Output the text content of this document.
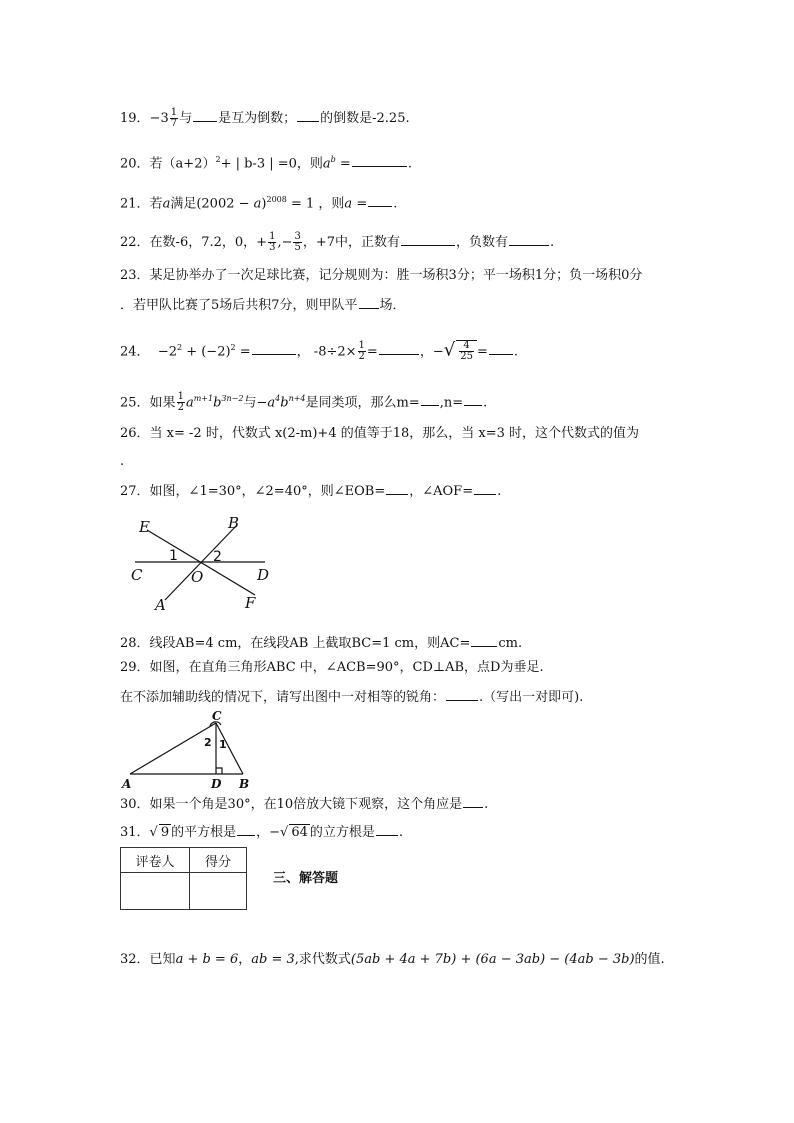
19．$-3 \frac{1}{7}$ 与 是互为倒数； 的倒数是-2.25.
20．若$(a+2)^2+$ | b-3 | =0，则$a^b$ =	.
21．若a满足$(2002 - a)^{2008} = 1$ ，则a = .
22．在数-6，7.2，0，+ $\frac{1}{3}$ ,− $\frac{3}{5}$ ，+7中，正数有	，负数有	.
23．某足协举办了一次足球比赛，记分规则为：胜一场积3分；平一场积1分；负一场积0分
．若甲队比赛了5场后共积7分，则甲队平 场．
24． $-2^2 + (-2)^2$ =	， $-8\div 2\times \frac{1}{2}$ =	，−√ $\frac{4}{25}$ = .
25．如果 $\frac{1}{2} a^{m+1}b^{3n-2}$与$-a^4b^{n+4}$是同类项，那么m= ,n= .
26．当 x= -2 时，代数式 x(2-m)+4 的值等于18，那么，当 x=3 时，这个代数式的值为
.
27．如图，∠1=30°，∠2=40°，则∠EOB= ，∠AOF= .
E	B
C	O	D
A	F
1	2
28．线段AB=4 cm，在线段AB 上截取BC=1 cm，则AC= cm.
29．如图，在直角三角形ABC 中，∠ACB=90°，CD⊥AB，点D为垂足.
在不添加辅助线的情况下，请写出图中一对相等的锐角：	.（写出一对即可).
C
A	D B
2 1
30．如果一个角是30°，在10倍放大镜下观察，这个角应是 .
31．√ 9 的平方根是 ，−√ 64 的立方根是 .
评卷人	得分

三、解答题
32．已知a + b = 6，ab = 3,求代数式(5ab + 4a + 7b) + (6a − 3ab) − (4ab − 3b)的值.
